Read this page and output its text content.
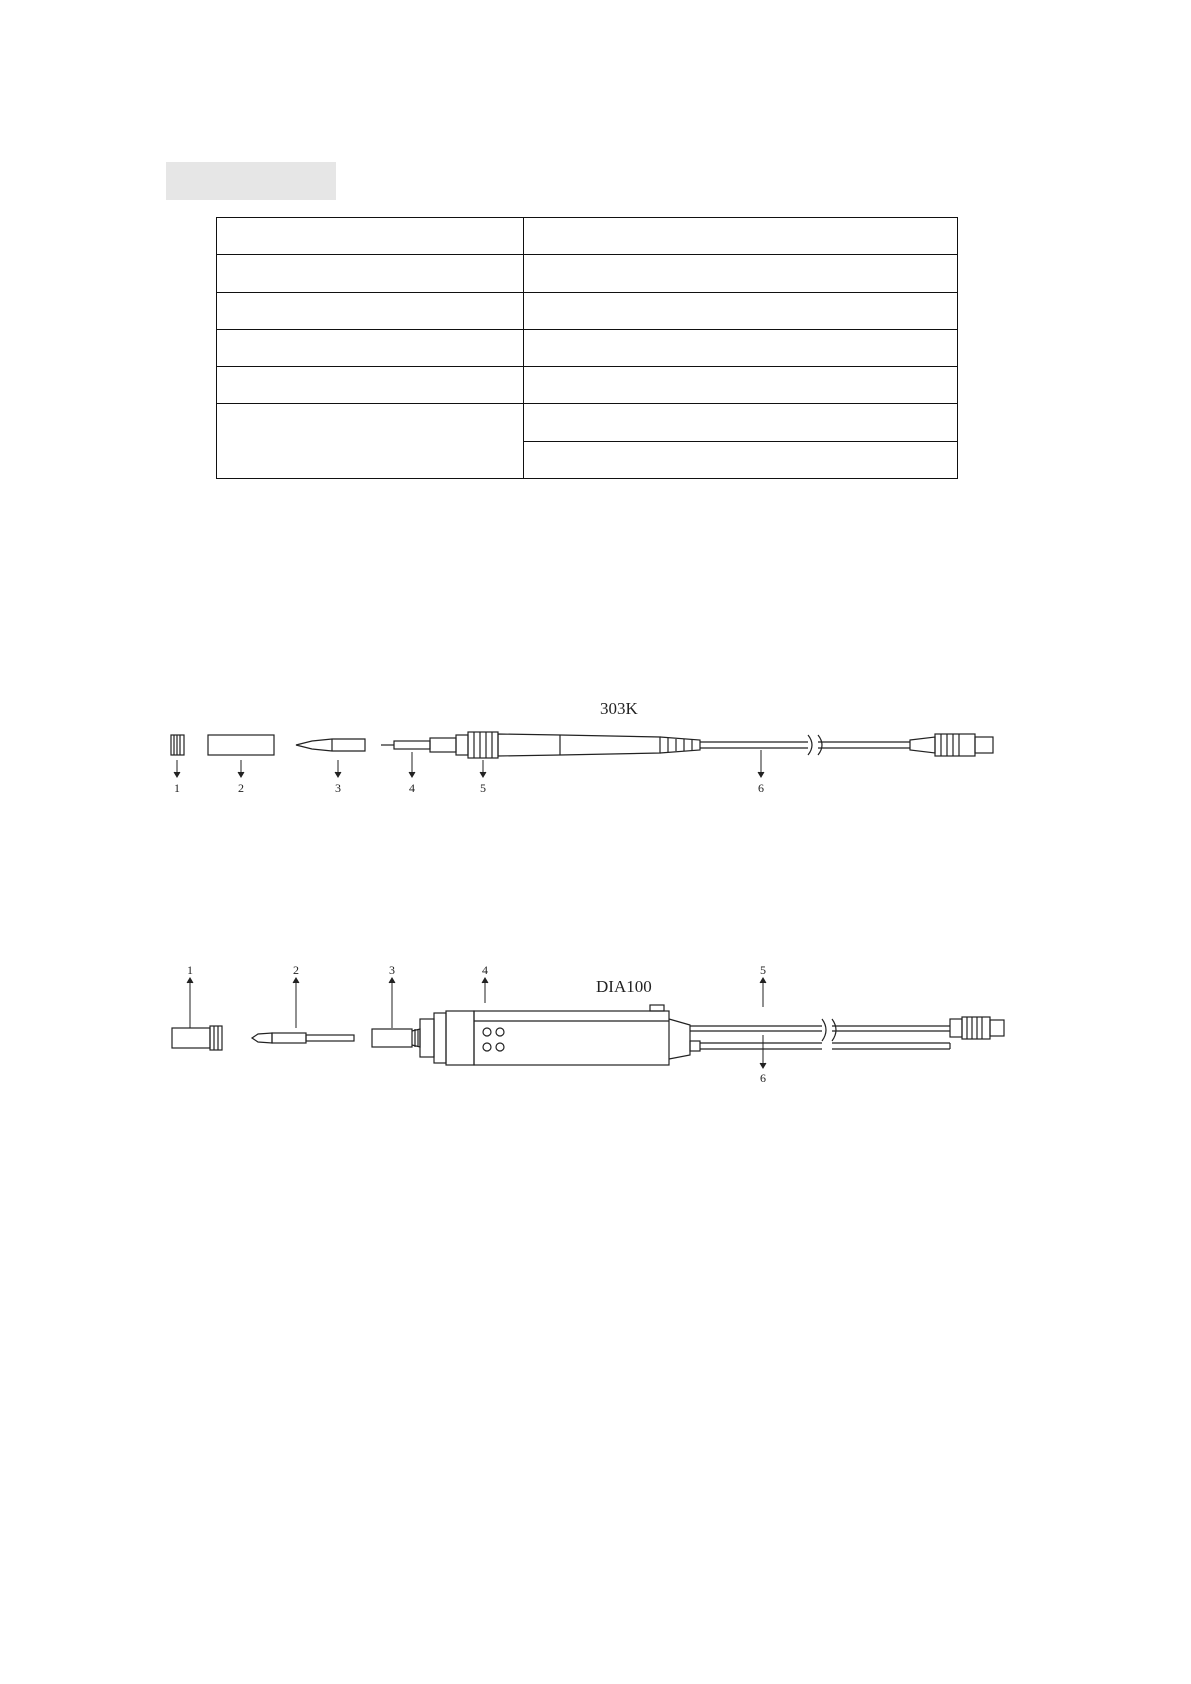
303K
1	2	3	4	5	6
DIA100
1	2	3	4	5
6
